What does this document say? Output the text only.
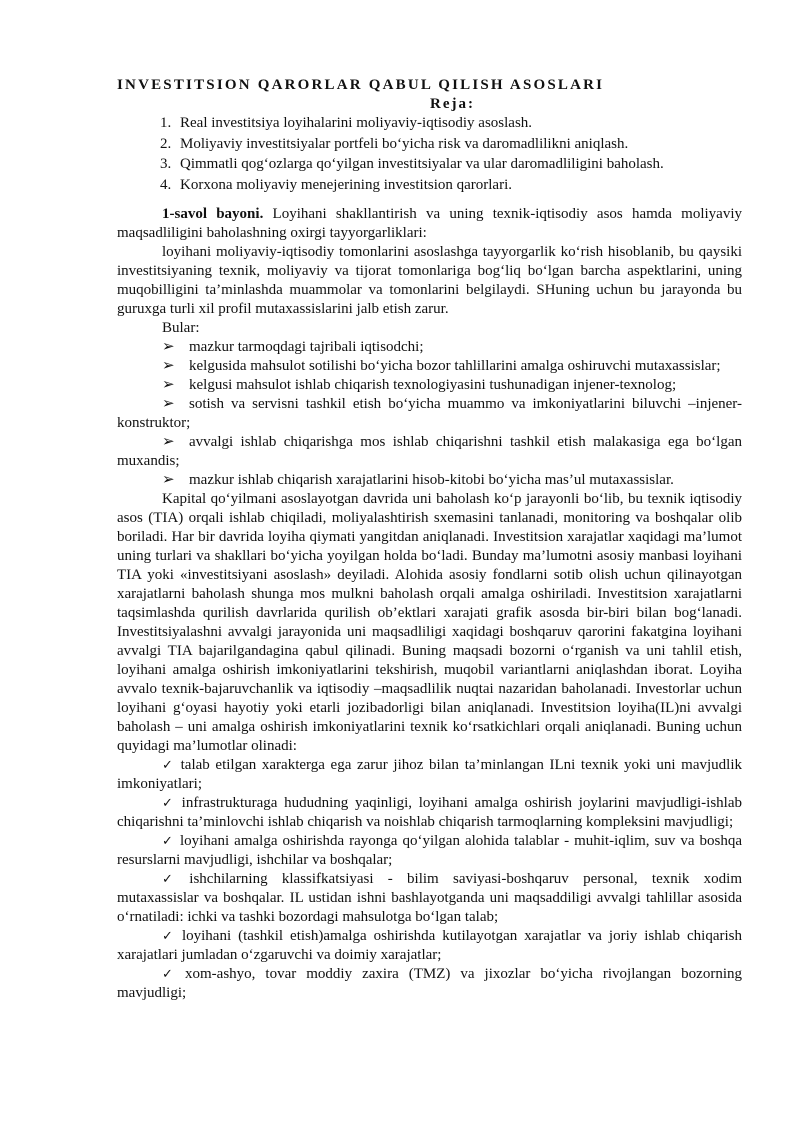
INVESTITSION QARORLAR QABUL QILISH ASOSLARI
Reja:
1. Real investitsiya loyihalarini moliyaviy-iqtisodiy asoslash.
2. Moliyaviy investitsiyalar portfeli bo‘yicha risk va daromadlilikni aniqlash.
3. Qimmatli qog‘ozlarga qo‘yilgan investitsiyalar va ular daromadliligini baholash.
4. Korxona moliyaviy menejerining investitsion qarorlari.

1-savol bayoni. Loyihani shakllantirish va uning texnik-iqtisodiy asos hamda moliyaviy maqsadliligini baholashning oxirgi tayyorgarliklari:

loyihani moliyaviy-iqtisodiy tomonlarini asoslashga tayyorgarlik ko‘rish hisoblanib, bu qaysiki investitsiyaning texnik, moliyaviy va tijorat tomonlariga bog‘liq bo‘lgan barcha aspektlarini, uning muqobilligini ta’minlashda muammolar va tomonlarini belgilaydi. SHuning uchun bu jarayonda bu guruxga turli xil profil mutaxassislarini jalb etish zarur.

Bular:

➢ mazkur tarmoqdagi tajribali iqtisodchi;

➢ kelgusida mahsulot sotilishi bo‘yicha bozor tahlillarini amalga oshiruvchi mutaxassislar;

➢ kelgusi mahsulot ishlab chiqarish texnologiyasini tushunadigan injener-texnolog;

➢ sotish va servisni tashkil etish bo‘yicha muammo va imkoniyatlarini biluvchi –injener-konstruktor;

➢ avvalgi ishlab chiqarishga mos ishlab chiqarishni tashkil etish malakasiga ega bo‘lgan muxandis;

➢ mazkur ishlab chiqarish xarajatlarini hisob-kitobi bo‘yicha mas’ul mutaxassislar.

Kapital qo‘yilmani asoslayotgan davrida uni baholash ko‘p jarayonli bo‘lib, bu texnik iqtisodiy asos (TIA) orqali ishlab chiqiladi, moliyalashtirish sxemasini tanlanadi, monitoring va boshqalar olib boriladi. Har bir davrida loyiha qiymati yangitdan aniqlanadi. Investitsion xarajatlar xaqidagi ma’lumot uning turlari va shakllari bo‘yicha yoyilgan holda bo‘ladi. Bunday ma’lumotni asosiy manbasi loyihani TIA yoki «investitsiyani asoslash» deyiladi. Alohida asosiy fondlarni sotib olish uchun qilinayotgan xarajatlarni baholash shunga mos mulkni baholash orqali amalga oshiriladi. Investitsion xarajatlarni taqsimlashda qurilish davrlarida qurilish ob’ektlari xarajati grafik asosda bir-biri bilan bog‘lanadi. Investitsiyalashni avvalgi jarayonida uni maqsadliligi xaqidagi boshqaruv qarorini fakatgina loyihani avvalgi TIA bajarilgandagina qabul qilinadi. Buning maqsadi bozorni o‘rganish va uni tahlil etish, loyihani amalga oshirish imkoniyatlarini tekshirish, muqobil variantlarni aniqlashdan iborat. Loyiha avvalo texnik-bajaruvchanlik va iqtisodiy –maqsadlilik nuqtai nazaridan baholanadi. Investorlar uchun loyihani g‘oyasi hayotiy yoki etarli jozibadorligi bilan aniqlanadi. Investitsion loyiha(IL)ni avvalgi baholash – uni amalga oshirish imkoniyatlarini texnik ko‘rsatkichlari orqali aniqlanadi. Buning uchun quyidagi ma’lumotlar olinadi:

✓ talab etilgan xarakterga ega zarur jihoz bilan ta’minlangan ILni texnik yoki uni mavjudlik imkoniyatlari;

✓ infrastrukturaga hududning yaqinligi, loyihani amalga oshirish joylarini mavjudligi-ishlab chiqarishni ta’minlovchi ishlab chiqarish va noishlab chiqarish tarmoqlarning kompleksini mavjudligi;

✓ loyihani amalga oshirishda rayonga qo‘yilgan alohida talablar - muhit-iqlim, suv va boshqa resurslarni mavjudligi, ishchilar va boshqalar;

✓ ishchilarning klassifkatsiyasi - bilim saviyasi-boshqaruv personal, texnik xodim mutaxassislar va boshqalar. IL ustidan ishni bashlayotganda uni maqsaddiligi avvalgi tahlillar asosida o‘rnatiladi: ichki va tashki bozordagi mahsulotga bo‘lgan talab;

✓ loyihani (tashkil etish)amalga oshirishda kutilayotgan xarajatlar va joriy ishlab chiqarish xarajatlari jumladan o‘zgaruvchi va doimiy xarajatlar;

✓ xom-ashyo, tovar moddiy zaxira (TMZ) va jixozlar bo‘yicha rivojlangan bozorning mavjudligi;
